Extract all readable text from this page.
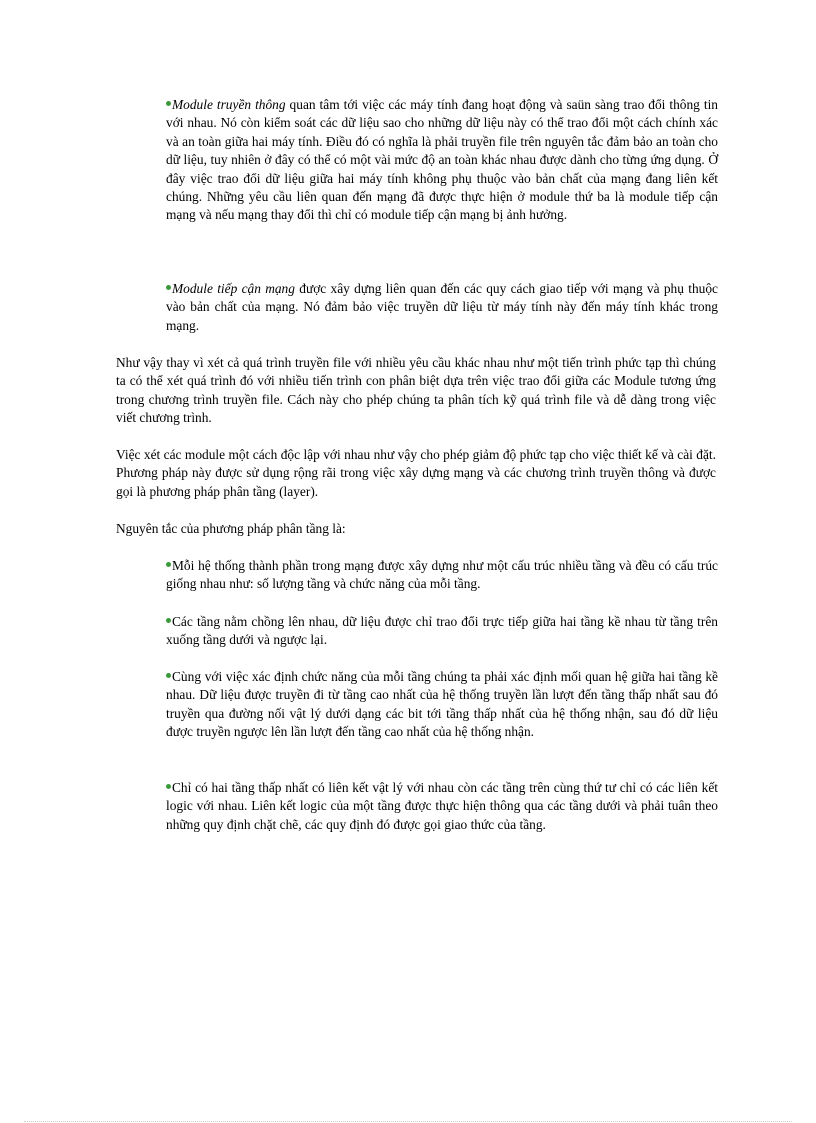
Module truyền thông quan tâm tới việc các máy tính đang hoạt động và saün sàng trao đổi thông tin với nhau. Nó còn kiểm soát các dữ liệu sao cho những dữ liệu này có thể trao đổi một cách chính xác và an toàn giữa hai máy tính. Điều đó có nghĩa là phải truyền file trên nguyên tắc đảm bảo an toàn cho dữ liệu, tuy nhiên ở đây có thể có một vài mức độ an toàn khác nhau được dành cho từng ứng dụng. Ở đây việc trao đổi dữ liệu giữa hai máy tính không phụ thuộc vào bản chất của mạng đang liên kết chúng. Những yêu cầu liên quan đến mạng đã được thực hiện ở module thứ ba là module tiếp cận mạng và nếu mạng thay đổi thì chỉ có module tiếp cận mạng bị ảnh hưởng.

Module tiếp cận mạng được xây dựng liên quan đến các quy cách giao tiếp với mạng và phụ thuộc vào bản chất của mạng. Nó đảm bảo việc truyền dữ liệu từ máy tính này đến máy tính khác trong mạng.

Như vậy thay vì xét cả quá trình truyền file với nhiều yêu cầu khác nhau như một tiến trình phức tạp thì chúng ta có thể xét quá trình đó với nhiều tiến trình con phân biệt dựa trên việc trao đổi giữa các Module tương ứng trong chương trình truyền file. Cách này cho phép chúng ta phân tích kỹ quá trình file và dễ dàng trong việc viết chương trình.

Việc xét các module một cách độc lập với nhau như vậy cho phép giảm độ phức tạp cho việc thiết kế và cài đặt. Phương pháp này được sử dụng rộng rãi trong việc xây dựng mạng và các chương trình truyền thông và được gọi là phương pháp phân tầng (layer).

Nguyên tắc của phương pháp phân tầng là:

Mỗi hệ thống thành phần trong mạng được xây dựng như một cấu trúc nhiều tầng và đều có cấu trúc giống nhau như: số lượng tầng và chức năng của mỗi tầng.

Các tầng nằm chồng lên nhau, dữ liệu được chỉ trao đổi trực tiếp giữa hai tầng kề nhau từ tầng trên xuống tầng dưới và ngược lại.

Cùng với việc xác định chức năng của mỗi tầng chúng ta phải xác định mối quan hệ giữa hai tầng kề nhau. Dữ liệu được truyền đi từ tầng cao nhất của hệ thống truyền lần lượt đến tầng thấp nhất sau đó truyền qua đường nối vật lý dưới dạng các bit tới tầng thấp nhất của hệ thống nhận, sau đó dữ liệu được truyền ngược lên lần lượt đến tầng cao nhất của hệ thống nhận.

Chỉ có hai tầng thấp nhất có liên kết vật lý với nhau còn các tầng trên cùng thứ tư chỉ có các liên kết logic với nhau. Liên kết logic của một tầng được thực hiện thông qua các tầng dưới và phải tuân theo những quy định chặt chẽ, các quy định đó được gọi giao thức của tầng.
